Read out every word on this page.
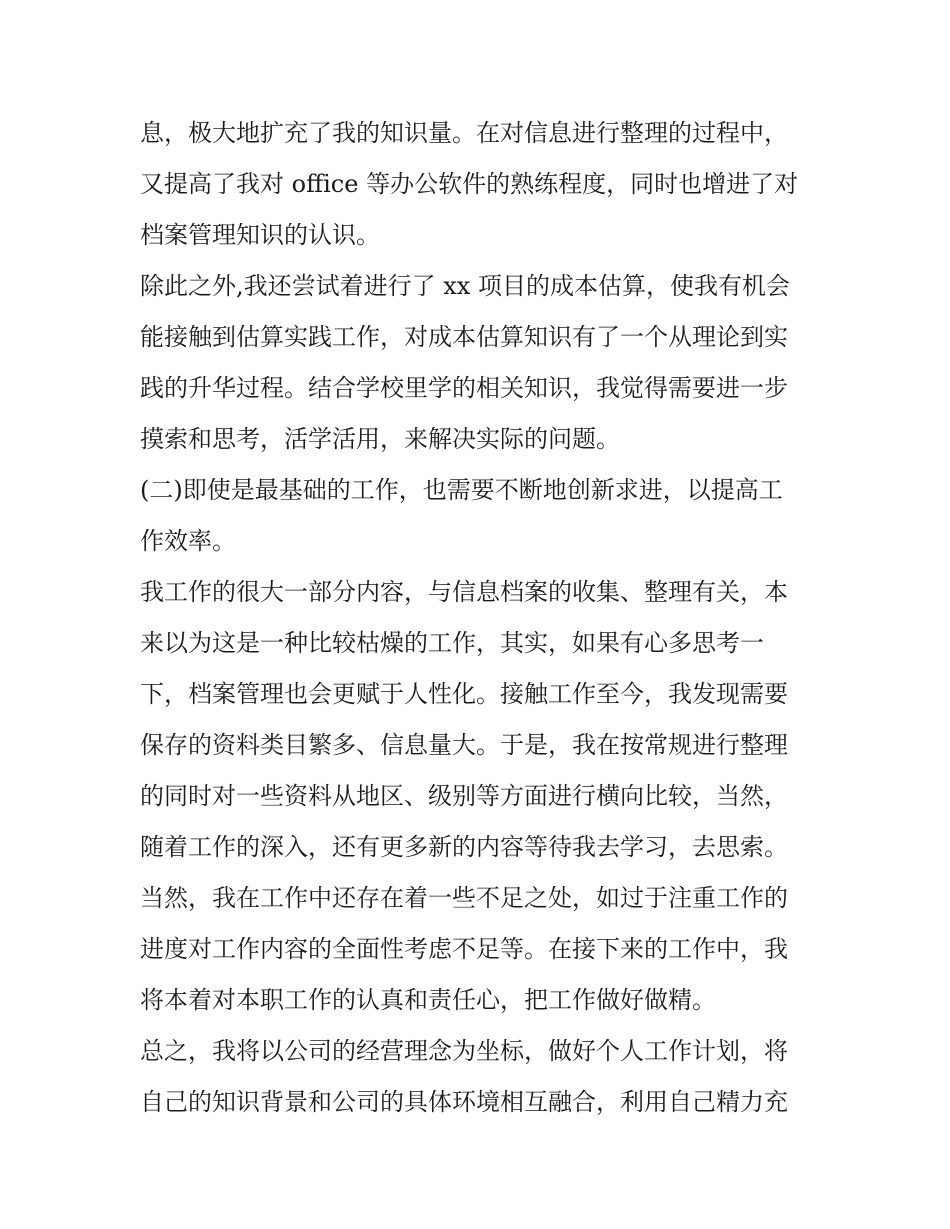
息，极大地扩充了我的知识量。在对信息进行整理的过程中，
又提高了我对 office 等办公软件的熟练程度，同时也增进了对
档案管理知识的认识。
除此之外,我还尝试着进行了 xx 项目的成本估算，使我有机会
能接触到估算实践工作，对成本估算知识有了一个从理论到实
践的升华过程。结合学校里学的相关知识，我觉得需要进一步
摸索和思考，活学活用，来解决实际的问题。
(二)即使是最基础的工作，也需要不断地创新求进，以提高工
作效率。
我工作的很大一部分内容，与信息档案的收集、整理有关，本
来以为这是一种比较枯燥的工作，其实，如果有心多思考一
下，档案管理也会更赋于人性化。接触工作至今，我发现需要
保存的资料类目繁多、信息量大。于是，我在按常规进行整理
的同时对一些资料从地区、级别等方面进行横向比较，当然，
随着工作的深入，还有更多新的内容等待我去学习，去思索。
当然，我在工作中还存在着一些不足之处，如过于注重工作的
进度对工作内容的全面性考虑不足等。在接下来的工作中，我
将本着对本职工作的认真和责任心，把工作做好做精。
总之，我将以公司的经营理念为坐标，做好个人工作计划，将
自己的知识背景和公司的具体环境相互融合，利用自己精力充
